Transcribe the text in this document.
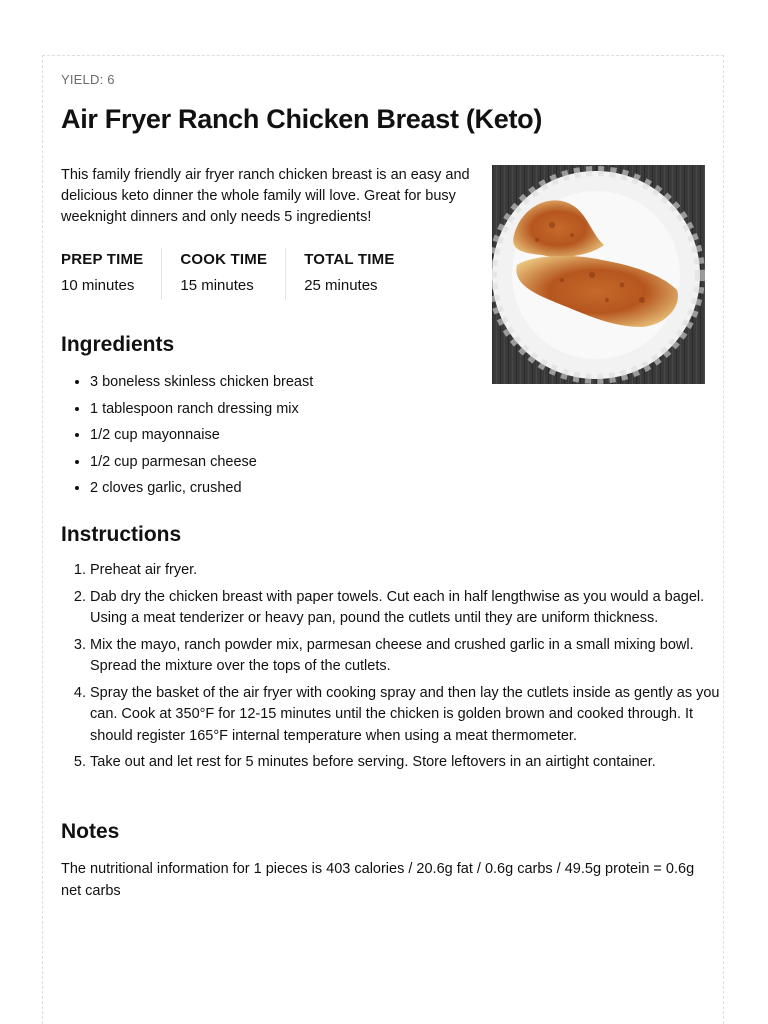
YIELD: 6
Air Fryer Ranch Chicken Breast (Keto)

This family friendly air fryer ranch chicken breast is an easy and delicious keto dinner the whole family will love. Great for busy weeknight dinners and only needs 5 ingredients!

PREP TIME
10 minutes
COOK TIME
15 minutes
TOTAL TIME
25 minutes
Ingredients
• 3 boneless skinless chicken breast
• 1 tablespoon ranch dressing mix
• 1/2 cup mayonnaise
• 1/2 cup parmesan cheese
• 2 cloves garlic, crushed
Instructions
1. Preheat air fryer.
2. Dab dry the chicken breast with paper towels. Cut each in half lengthwise as you would a bagel. Using a meat tenderizer or heavy pan, pound the cutlets until they are uniform thickness.
3. Mix the mayo, ranch powder mix, parmesan cheese and crushed garlic in a small mixing bowl. Spread the mixture over the tops of the cutlets.
4. Spray the basket of the air fryer with cooking spray and then lay the cutlets inside as gently as you can. Cook at 350°F for 12-15 minutes until the chicken is golden brown and cooked through. It should register 165°F internal temperature when using a meat thermometer.
5. Take out and let rest for 5 minutes before serving. Store leftovers in an airtight container.
Notes

The nutritional information for 1 pieces is 403 calories / 20.6g fat / 0.6g carbs / 49.5g protein = 0.6g net carbs
